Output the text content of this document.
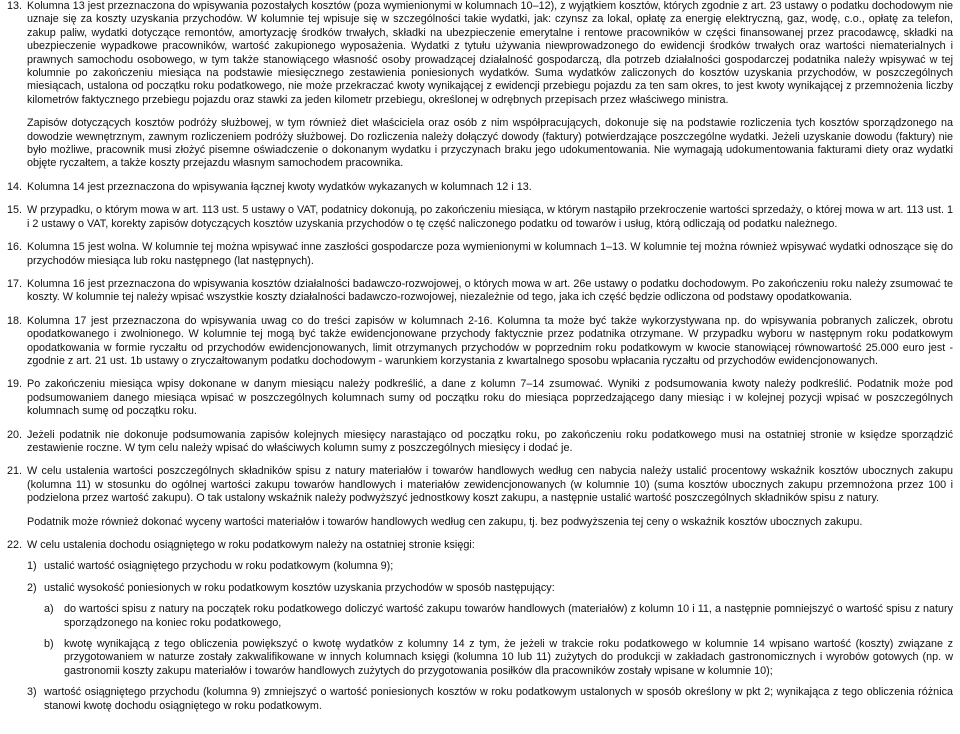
13. Kolumna 13 jest przeznaczona do wpisywania pozostałych kosztów (poza wymienionymi w kolumnach 10–12), z wyjątkiem kosztów, których zgodnie z art. 23 ustawy o podatku dochodowym nie uznaje się za koszty uzyskania przychodów. W kolumnie tej wpisuje się w szczególności takie wydatki, jak: czynsz za lokal, opłatę za energię elektryczną, gaz, wodę, c.o., opłatę za telefon, zakup paliw, wydatki dotyczące remontów, amortyzację środków trwałych, składki na ubezpieczenie emerytalne i rentowe pracowników w części finansowanej przez pracodawcę, składki na ubezpieczenie wypadkowe pracowników, wartość zakupionego wyposażenia. Wydatki z tytułu używania niewprowadzonego do ewidencji środków trwałych oraz wartości niematerialnych i prawnych samochodu osobowego, w tym także stanowiącego własność osoby prowadzącej działalność gospodarczą, dla potrzeb działalności gospodarczej podatnika należy wpisywać w tej kolumnie po zakończeniu miesiąca na podstawie miesięcznego zestawienia poniesionych wydatków. Suma wydatków zaliczonych do kosztów uzyskania przychodów, w poszczególnych miesiącach, ustalona od początku roku podatkowego, nie może przekraczać kwoty wynikającej z ewidencji przebiegu pojazdu za ten sam okres, to jest kwoty wynikającej z przemnożenia liczby kilometrów faktycznego przebiegu pojazdu oraz stawki za jeden kilometr przebiegu, określonej w odrębnych przepisach przez właściwego ministra.

Zapisów dotyczących kosztów podróży służbowej, w tym również diet właściciela oraz osób z nim współpracujących, dokonuje się na podstawie rozliczenia tych kosztów sporządzonego na dowodzie wewnętrznym, zawnym rozliczeniem podróży służbowej. Do rozliczenia należy dołączyć dowody (faktury) potwierdzające poszczególne wydatki. Jeżeli uzyskanie dowodu (faktury) nie było możliwe, pracownik musi złożyć pisemne oświadczenie o dokonanym wydatku i przyczynach braku jego udokumentowania. Nie wymagają udokumentowania fakturami diety oraz wydatki objęte ryczałtem, a także koszty przejazdu własnym samochodem pracownika.

14. Kolumna 14 jest przeznaczona do wpisywania łącznej kwoty wydatków wykazanych w kolumnach 12 i 13.

15. W przypadku, o którym mowa w art. 113 ust. 5 ustawy o VAT, podatnicy dokonują, po zakończeniu miesiąca, w którym nastąpiło przekroczenie wartości sprzedaży, o której mowa w art. 113 ust. 1 i 2 ustawy o VAT, korekty zapisów dotyczących kosztów uzyskania przychodów o tę część naliczonego podatku od towarów i usług, którą odliczają od podatku należnego.

16. Kolumna 15 jest wolna. W kolumnie tej można wpisywać inne zaszłości gospodarcze poza wymienionymi w kolumnach 1–13. W kolumnie tej można również wpisywać wydatki odnoszące się do przychodów miesiąca lub roku następnego (lat następnych).

17. Kolumna 16 jest przeznaczona do wpisywania kosztów działalności badawczo-rozwojowej, o których mowa w art. 26e ustawy o podatku dochodowym. Po zakończeniu roku należy zsumować te koszty. W kolumnie tej należy wpisać wszystkie koszty działalności badawczo-rozwojowej, niezależnie od tego, jaka ich część będzie odliczona od podstawy opodatkowania.

18. Kolumna 17 jest przeznaczona do wpisywania uwag co do treści zapisów w kolumnach 2-16. Kolumna ta może być także wykorzystywana np. do wpisywania pobranych zaliczek, obrotu opodatkowanego i zwolnionego. W kolumnie tej mogą być także ewidencjonowane przychody faktycznie przez podatnika otrzymane. W przypadku wyboru w następnym roku podatkowym opodatkowania w formie ryczałtu od przychodów ewidencjonowanych, limit otrzymanych przychodów w poprzednim roku podatkowym w kwocie stanowiącej równowartość 25.000 euro jest - zgodnie z art. 21 ust. 1b ustawy o zryczałtowanym podatku dochodowym - warunkiem korzystania z kwartalnego sposobu wpłacania ryczałtu od przychodów ewidencjonowanych.

19. Po zakończeniu miesiąca wpisy dokonane w danym miesiącu należy podkreślić, a dane z kolumn 7–14 zsumować. Wyniki z podsumowania kwoty należy podkreślić. Podatnik może pod podsumowaniem danego miesiąca wpisać w poszczególnych kolumnach sumy od początku roku do miesiąca poprzedzającego dany miesiąc i w kolejnej pozycji wpisać w poszczególnych kolumnach sumę od początku roku.

20. Jeżeli podatnik nie dokonuje podsumowania zapisów kolejnych miesięcy narastająco od początku roku, po zakończeniu roku podatkowego musi na ostatniej stronie w księdze sporządzić zestawienie roczne. W tym celu należy wpisać do właściwych kolumn sumy z poszczególnych miesięcy i dodać je.

21. W celu ustalenia wartości poszczególnych składników spisu z natury materiałów i towarów handlowych według cen nabycia należy ustalić procentowy wskaźnik kosztów ubocznych zakupu (kolumna 11) w stosunku do ogólnej wartości zakupu towarów handlowych i materiałów zewidencjonowanych (w kolumnie 10) (suma kosztów ubocznych zakupu przemnożona przez 100 i podzielona przez wartość zakupu). O tak ustalony wskaźnik należy podwyższyć jednostkowy koszt zakupu, a następnie ustalić wartość poszczególnych składników spisu z natury.

Podatnik może również dokonać wyceny wartości materiałów i towarów handlowych według cen zakupu, tj. bez podwyższenia tej ceny o wskaźnik kosztów ubocznych zakupu.

22. W celu ustalenia dochodu osiągniętego w roku podatkowym należy na ostatniej stronie księgi:
1) ustalić wartość osiągniętego przychodu w roku podatkowym (kolumna 9);
2) ustalić wysokość poniesionych w roku podatkowym kosztów uzyskania przychodów w sposób następujący:
a) do wartości spisu z natury na początek roku podatkowego doliczyć wartość zakupu towarów handlowych (materiałów) z kolumn 10 i 11, a następnie pomniejszyć o wartość spisu z natury sporządzonego na koniec roku podatkowego,
b) kwotę wynikającą z tego obliczenia powiększyć o kwotę wydatków z kolumny 14 z tym, że jeżeli w trakcie roku podatkowego w kolumnie 14 wpisano wartość (koszty) związane z przygotowaniem w naturze zostały zakwalifikowane w innych kolumnach księgi (kolumna 10 lub 11) zużytych do produkcji w zakładach gastronomicznych i wyrobów gotowych (np. w gastronomii koszty zakupu materiałów i towarów handlowych zużytych do przygotowania posiłków dla pracowników zostały wpisane w kolumnie 10);
3) wartość osiągniętego przychodu (kolumna 9) zmniejszyć o wartość poniesionych kosztów w roku podatkowym ustalonych w sposób określony w pkt 2; wynikająca z tego obliczenia różnica stanowi kwotę dochodu osiągniętego w roku podatkowym.
